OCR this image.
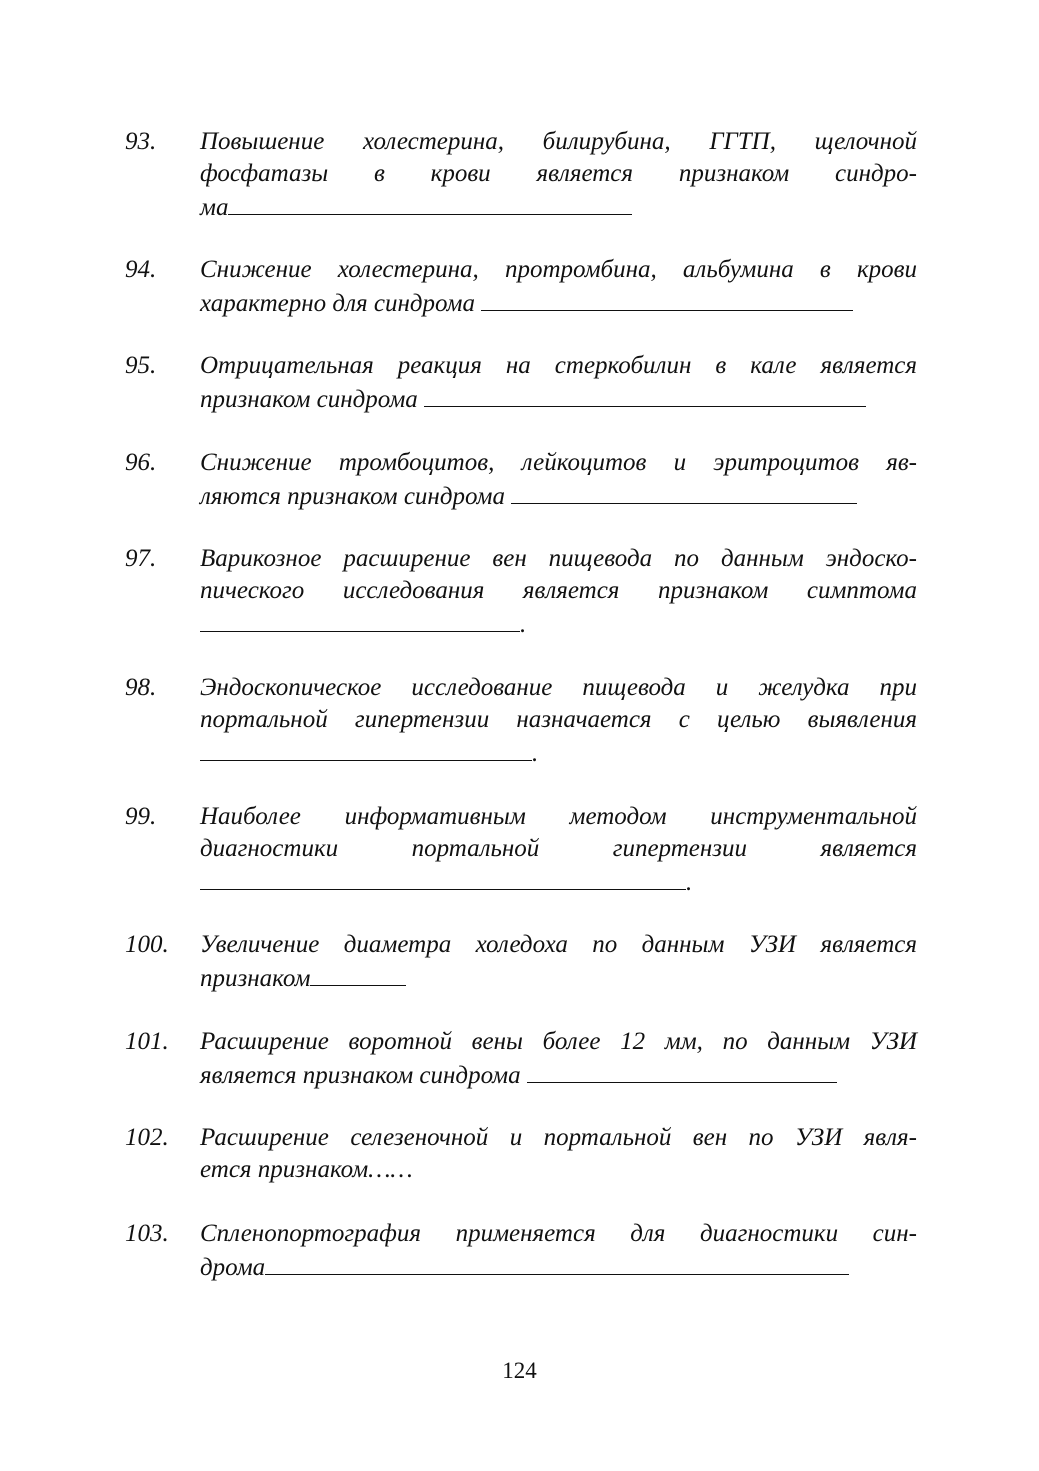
93. Повышение холестерина, билирубина, ГГТП, щелочной
фосфатазы в крови является признаком синдро-
ма
94. Снижение холестерина, протромбина, альбумина в крови
характерно для синдрома
95. Отрицательная реакция на стеркобилин в кале является
признаком синдрома
96. Снижение тромбоцитов, лейкоцитов и эритроцитов яв-
ляются признаком синдрома
97. Варикозное расширение вен пищевода по данным эндоско-
пического исследования является признаком симптома
.
98. Эндоскопическое исследование пищевода и желудка при
портальной гипертензии назначается с целью выявления
.
99. Наиболее информативным методом инструментальной
диагностики портальной гипертензии является
.
100. Увеличение диаметра холедоха по данным УЗИ является
признаком
101. Расширение воротной вены более 12 мм, по данным УЗИ
является признаком синдрома
102. Расширение селезеночной и портальной вен по УЗИ явля-
ется признаком……
103. Спленопортография применяется для диагностики син-
дрома
124
